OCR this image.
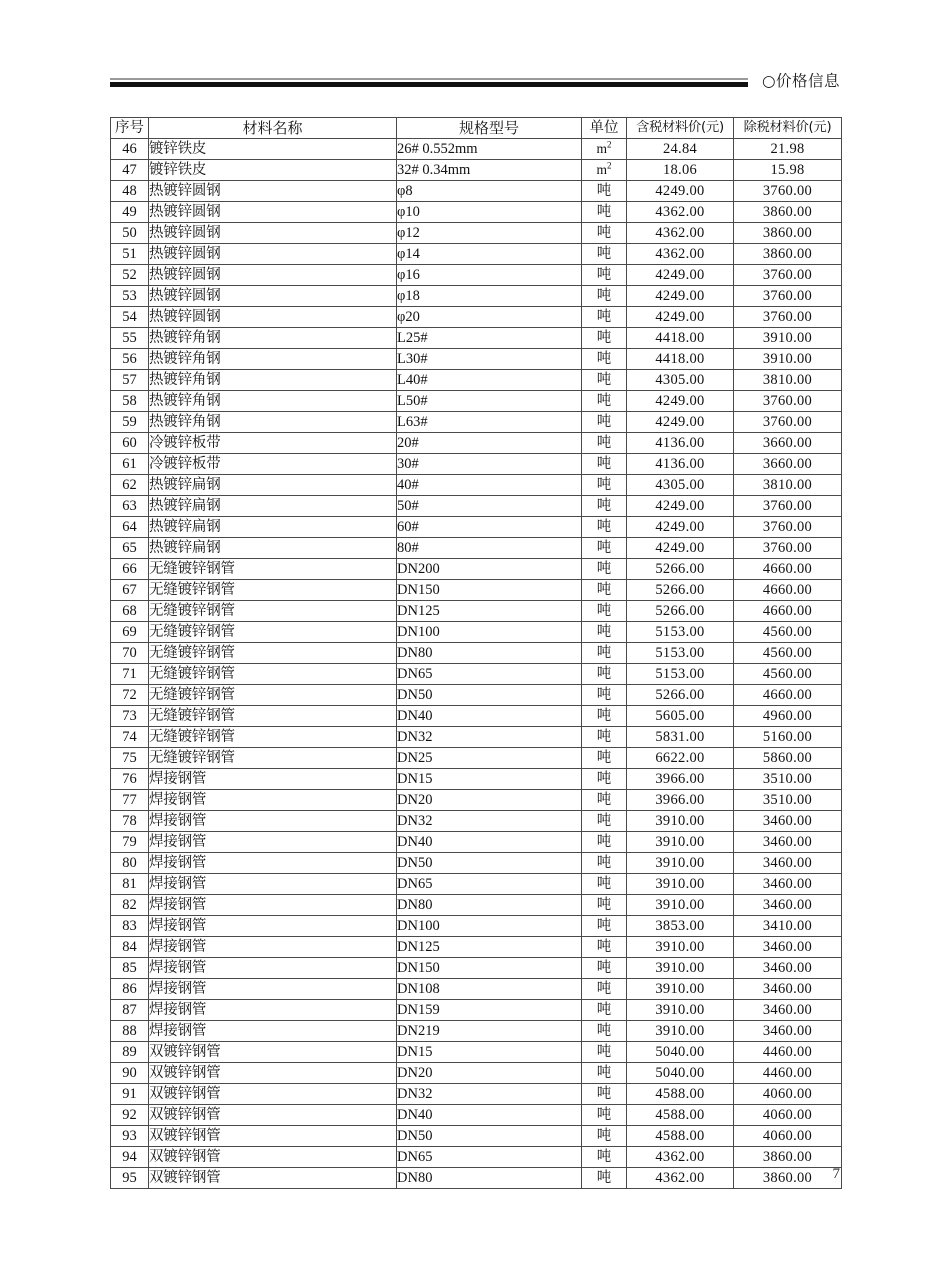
○价格信息
序号	材料名称	规格型号	单位	含税材料价(元)	除税材料价(元)
46	镀锌铁皮	26# 0.552mm	$m^2$	24.84	21.98
47	镀锌铁皮	32# 0.34mm	$m^2$	18.06	15.98
48	热镀锌圆钢	φ8	吨	4249.00	3760.00
49	热镀锌圆钢	φ10	吨	4362.00	3860.00
50	热镀锌圆钢	φ12	吨	4362.00	3860.00
51	热镀锌圆钢	φ14	吨	4362.00	3860.00
52	热镀锌圆钢	φ16	吨	4249.00	3760.00
53	热镀锌圆钢	φ18	吨	4249.00	3760.00
54	热镀锌圆钢	φ20	吨	4249.00	3760.00
55	热镀锌角钢	L25#	吨	4418.00	3910.00
56	热镀锌角钢	L30#	吨	4418.00	3910.00
57	热镀锌角钢	L40#	吨	4305.00	3810.00
58	热镀锌角钢	L50#	吨	4249.00	3760.00
59	热镀锌角钢	L63#	吨	4249.00	3760.00
60	冷镀锌板带	20#	吨	4136.00	3660.00
61	冷镀锌板带	30#	吨	4136.00	3660.00
62	热镀锌扁钢	40#	吨	4305.00	3810.00
63	热镀锌扁钢	50#	吨	4249.00	3760.00
64	热镀锌扁钢	60#	吨	4249.00	3760.00
65	热镀锌扁钢	80#	吨	4249.00	3760.00
66	无缝镀锌钢管	DN200	吨	5266.00	4660.00
67	无缝镀锌钢管	DN150	吨	5266.00	4660.00
68	无缝镀锌钢管	DN125	吨	5266.00	4660.00
69	无缝镀锌钢管	DN100	吨	5153.00	4560.00
70	无缝镀锌钢管	DN80	吨	5153.00	4560.00
71	无缝镀锌钢管	DN65	吨	5153.00	4560.00
72	无缝镀锌钢管	DN50	吨	5266.00	4660.00
73	无缝镀锌钢管	DN40	吨	5605.00	4960.00
74	无缝镀锌钢管	DN32	吨	5831.00	5160.00
75	无缝镀锌钢管	DN25	吨	6622.00	5860.00
76	焊接钢管	DN15	吨	3966.00	3510.00
77	焊接钢管	DN20	吨	3966.00	3510.00
78	焊接钢管	DN32	吨	3910.00	3460.00
79	焊接钢管	DN40	吨	3910.00	3460.00
80	焊接钢管	DN50	吨	3910.00	3460.00
81	焊接钢管	DN65	吨	3910.00	3460.00
82	焊接钢管	DN80	吨	3910.00	3460.00
83	焊接钢管	DN100	吨	3853.00	3410.00
84	焊接钢管	DN125	吨	3910.00	3460.00
85	焊接钢管	DN150	吨	3910.00	3460.00
86	焊接钢管	DN108	吨	3910.00	3460.00
87	焊接钢管	DN159	吨	3910.00	3460.00
88	焊接钢管	DN219	吨	3910.00	3460.00
89	双镀锌钢管	DN15	吨	5040.00	4460.00
90	双镀锌钢管	DN20	吨	5040.00	4460.00
91	双镀锌钢管	DN32	吨	4588.00	4060.00
92	双镀锌钢管	DN40	吨	4588.00	4060.00
93	双镀锌钢管	DN50	吨	4588.00	4060.00
94	双镀锌钢管	DN65	吨	4362.00	3860.00
95	双镀锌钢管	DN80	吨	4362.00	3860.00 7
